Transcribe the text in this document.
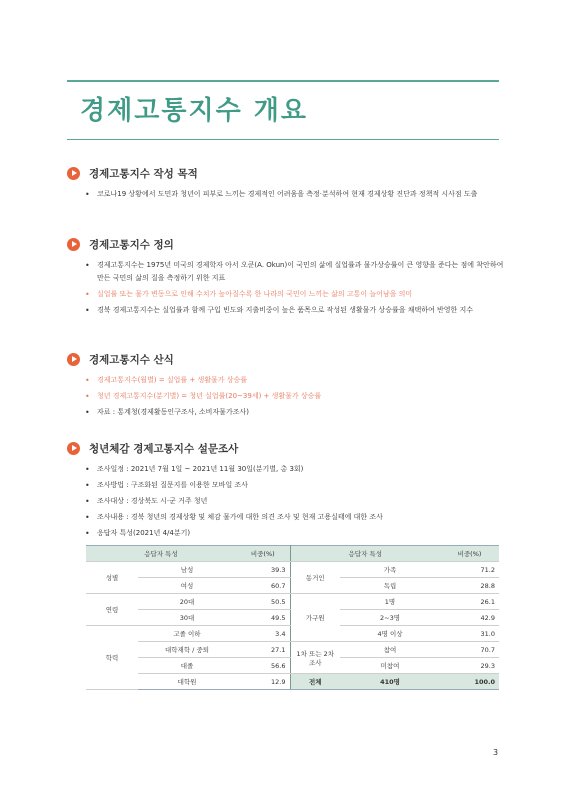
경제고통지수 개요
경제고통지수 작성 목적
• 코로나19 상황에서 도민과 청년이 피부로 느끼는 경제적인 어려움을 측정·분석하여 현재 경제상황 진단과 정책적 시사점 도출
경제고통지수 정의
• 경제고통지수는 1975년 미국의 경제학자 아서 오쿤(A. Okun)이 국민의 삶에 실업률과 물가상승률이 큰 영향을 준다는 점에 착안하여 만든 국민의 삶의 질을 측정하기 위한 지표
• 실업률 또는 물가 변동으로 인해 수치가 높아질수록 한 나라의 국민이 느끼는 삶의 고통이 늘어남을 의미
• 경북 경제고통지수는 실업률과 함께 구입 빈도와 지출비중이 높은 품목으로 작성된 생활물가 상승률을 채택하여 반영한 지수
경제고통지수 산식
• 경제고통지수(월별) = 실업률 + 생활물가 상승률
• 청년 경제고통지수(분기별) = 청년 실업률(20~39세) + 생활물가 상승률
• 자료 : 통계청(경제활동인구조사, 소비자물가조사)
청년체감 경제고통지수 설문조사
• 조사일정 : 2021년 7월 1일 ~ 2021년 11월 30일(분기별, 총 3회)
• 조사방법 : 구조화된 질문지를 이용한 모바일 조사
• 조사대상 : 경상북도 시·군 거주 청년
• 조사내용 : 경북 청년의 경제상황 및 체감 물가에 대한 의견 조사 및 현재 고용실태에 대한 조사
• 응답자 특성(2021년 4/4분기)
응답자 특성		비중(%)	응답자 특성		비중(%)
성별	남성	39.3	동거인	가족	71.2
	여성	60.7		독립	28.8
연령	20대	50.5	가구원	1명	26.1
	30대	49.5		2~3명	42.9
학력	고졸 이하	3.4		4명 이상	31.0
	대학재학 / 중퇴	27.1	1차 또는 2차 조사	참여	70.7
	대졸	56.6		미참여	29.3
	대학원	12.9	전체	410명	100.0
3
